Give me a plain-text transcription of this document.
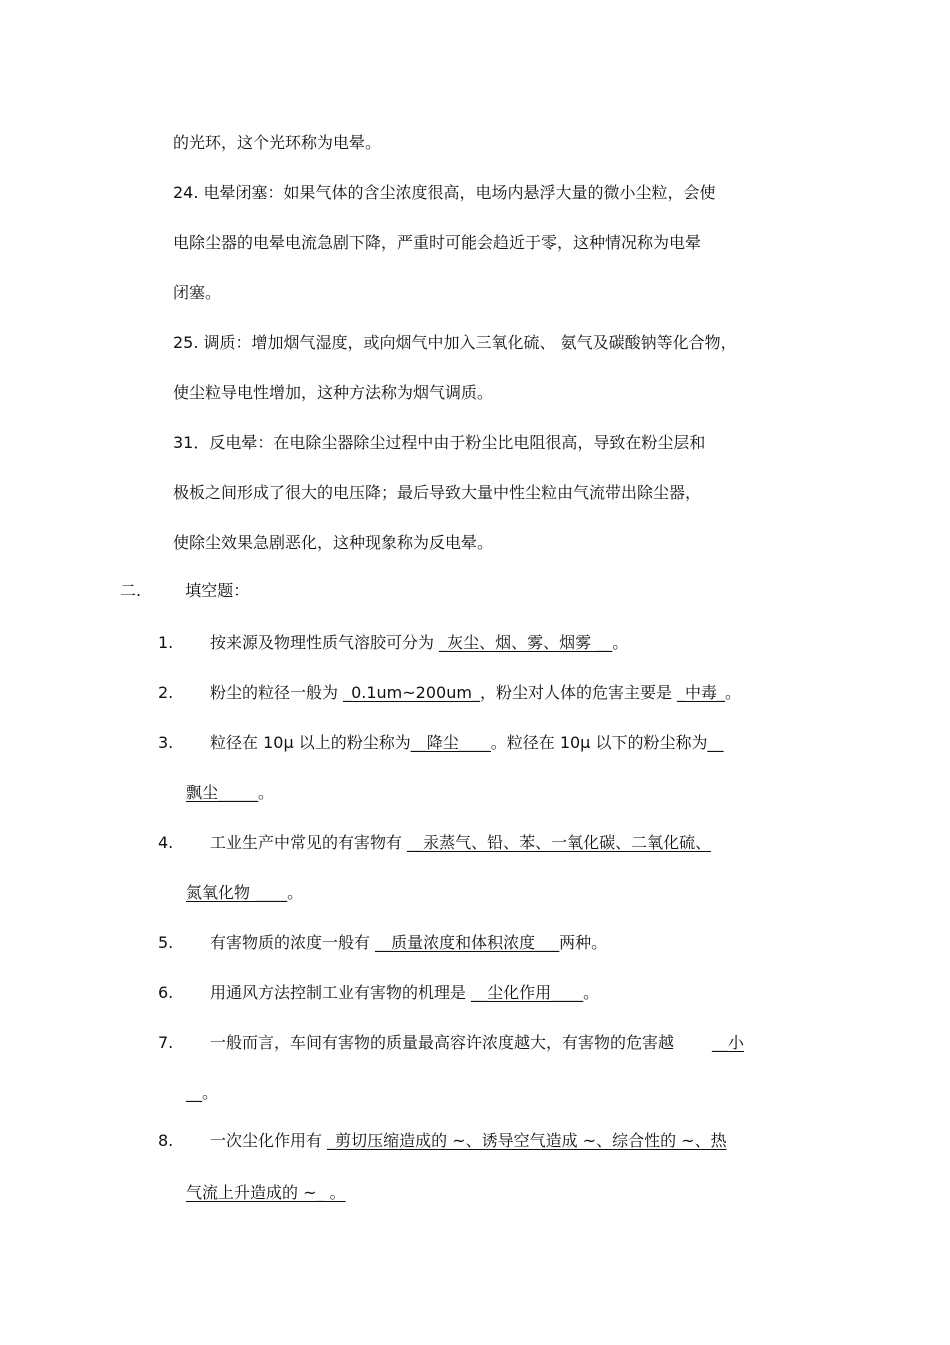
的光环，这个光环称为电晕。
24. 电晕闭塞：如果气体的含尘浓度很高，电场内悬浮大量的微小尘粒，会使
电除尘器的电晕电流急剧下降，严重时可能会趋近于零，这种情况称为电晕
闭塞。
25. 调质：增加烟气湿度，或向烟气中加入三氧化硫、 氨气及碳酸钠等化合物，
使尘粒导电性增加，这种方法称为烟气调质。
31．反电晕：在电除尘器除尘过程中由于粉尘比电阻很高，导致在粉尘层和
极板之间形成了很大的电压降；最后导致大量中性尘粒由气流带出除尘器，
使除尘效果急剧恶化，这种现象称为反电晕。
二.	填空题：
1. 按来源及物理性质气溶胶可分为 _灰尘、烟、雾、烟雾 __。
2. 粉尘的粒径一般为 _0.1um~200um_，粉尘对人体的危害主要是 _中毒_。
3. 粒径在 10μ 以上的粉尘称为__降尘____。粒径在 10μ 以下的粉尘称为__
飘尘_____。
4. 工业生产中常见的有害物有 __汞蒸气、铅、苯、一氧化碳、二氧化硫、
氮氧化物 ____。
5. 有害物质的浓度一般有 __质量浓度和体积浓度___两种。
6. 用通风方法控制工业有害物的机理是 __尘化作用____。
7. 一般而言，车间有害物的质量最高容许浓度越大，有害物的危害越 __小
__。
8. 一次尘化作用有 _剪切压缩造成的 ~、诱导空气造成 ~、综合性的 ~、热
气流上升造成的 ~_ 。
